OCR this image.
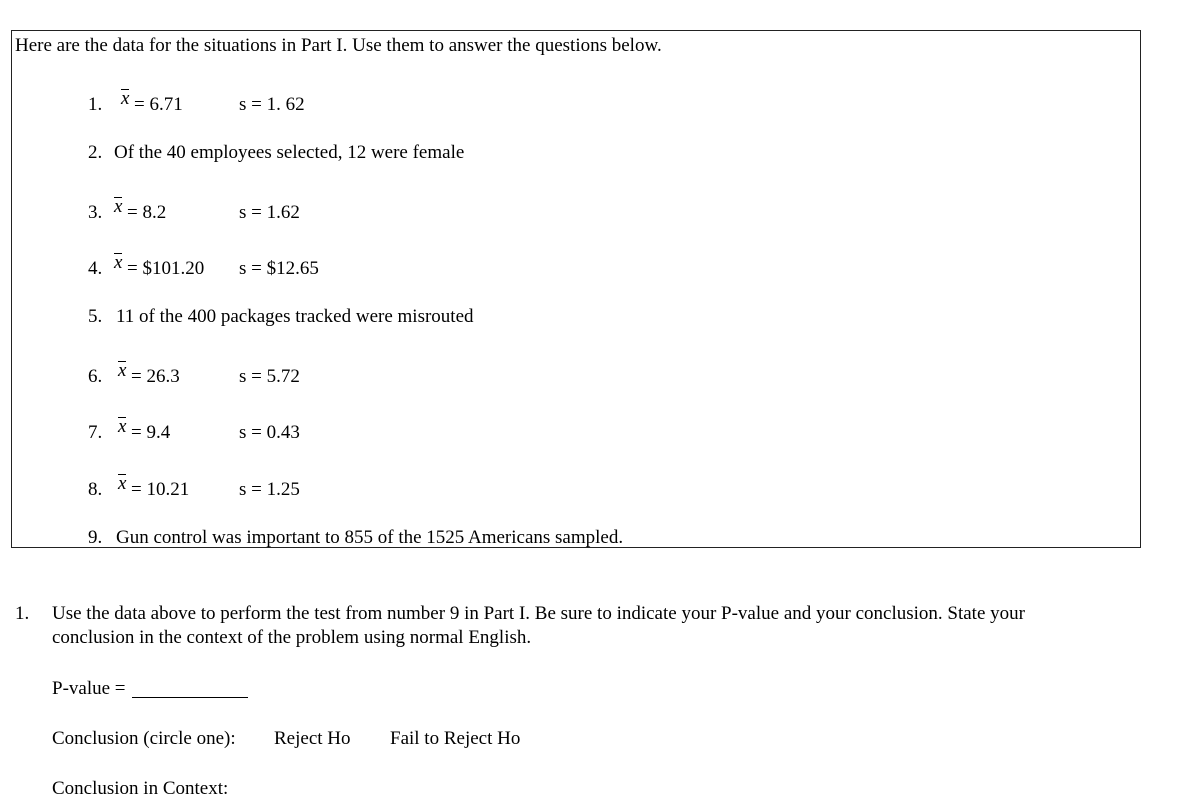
Here are the data for the situations in Part I. Use them to answer the questions below.
1. x = 6.71	s = 1. 62
2. Of the 40 employees selected, 12 were female
3. x = 8.2	s = 1.62
4. x = $101.20 s = $12.65
5. 11 of the 400 packages tracked were misrouted
6. x = 26.3	s = 5.72
7. x = 9.4	s = 0.43
8. x = 10.21	s = 1.25
9. Gun control was important to 855 of the 1525 Americans sampled.
1. Use the data above to perform the test from number 9 in Part I. Be sure to indicate your P-value and your conclusion. State your
conclusion in the context of the problem using normal English.
P-value =
Conclusion (circle one): Reject Ho Fail to Reject Ho
Conclusion in Context:
